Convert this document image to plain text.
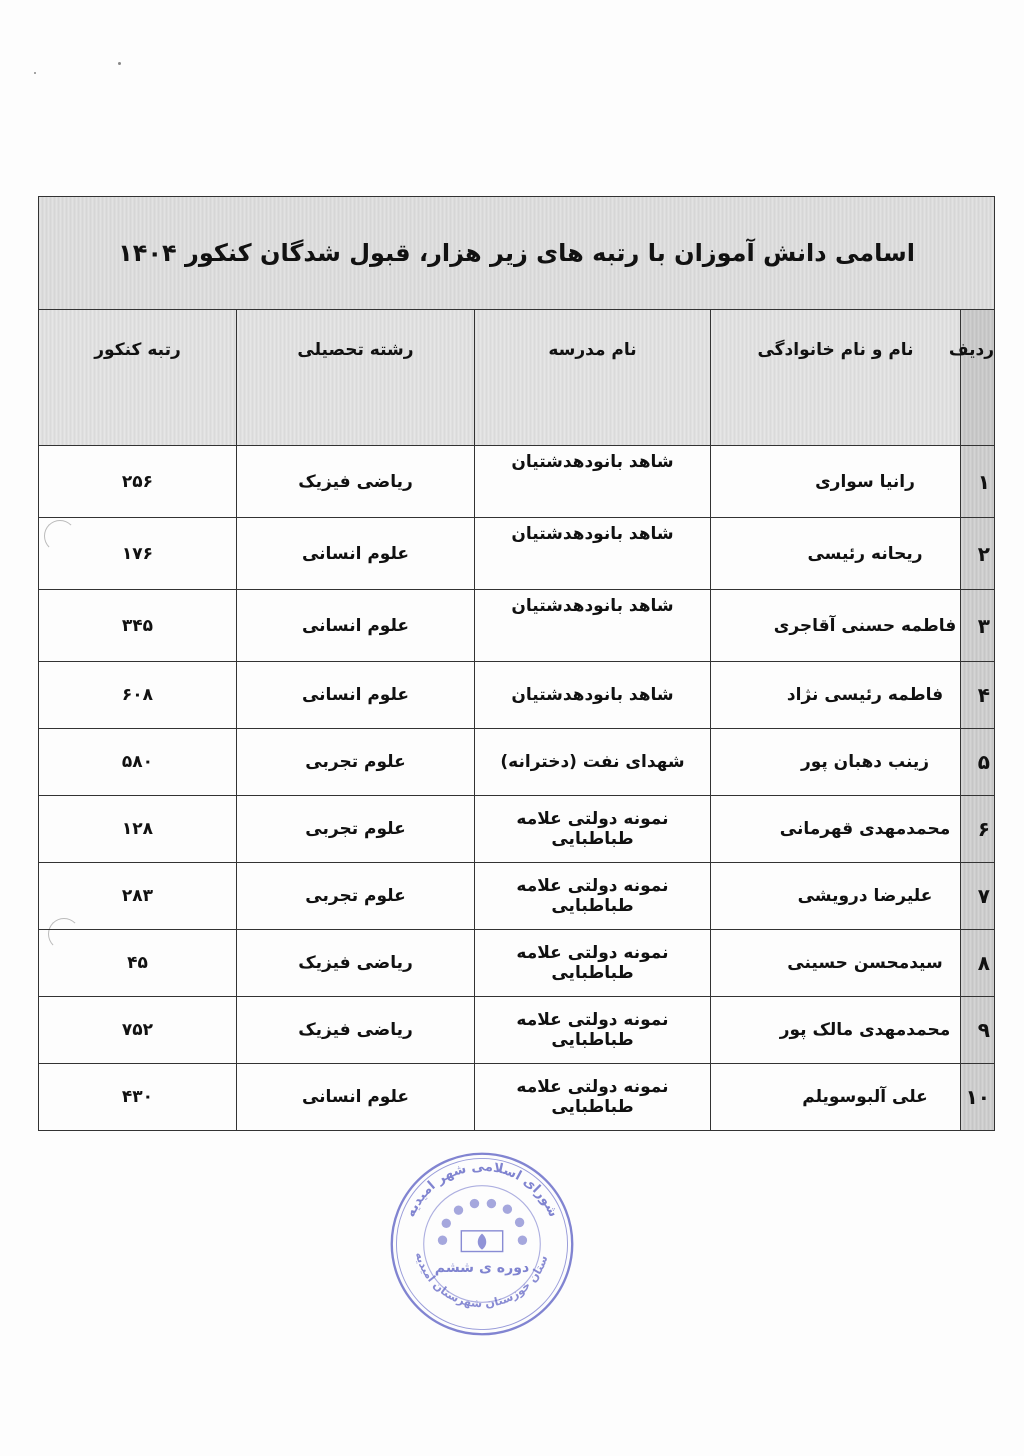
اسامی دانش آموزان با رتبه های زیر هزار، قبول شدگان کنکور ۱۴۰۴				
ردیف	نام و نام خانوادگی	نام مدرسه	رشته تحصیلی	رتبه کنکور
۱	رانیا سواری	شاهد بانودهدشتیان	ریاضی فیزیک	۲۵۶
۲	ریحانه رئیسی	شاهد بانودهدشتیان	علوم انسانی	۱۷۶
۳	فاطمه حسنی آقاجری	شاهد بانودهدشتیان	علوم انسانی	۳۴۵
۴	فاطمه رئیسی نژاد	شاهد بانودهدشتیان	علوم انسانی	۶۰۸
۵	زینب دهبان پور	شهدای نفت (دخترانه)	علوم تجربی	۵۸۰
۶	محمدمهدی قهرمانی	نمونه دولتی علامه طباطبایی	علوم تجربی	۱۲۸
۷	علیرضا درویشی	نمونه دولتی علامه طباطبایی	علوم تجربی	۲۸۳
۸	سیدمحسن حسینی	نمونه دولتی علامه طباطبایی	ریاضی فیزیک	۴۵
۹	محمدمهدی مالک پور	نمونه دولتی علامه طباطبایی	ریاضی فیزیک	۷۵۲
۱۰	علی آلبوسویلم	نمونه دولتی علامه طباطبایی	علوم انسانی	۴۳۰
شورای اسلامی شهر امیدیه
ستان خوزستان شهرستان امیدیه
دوره ی ششم
